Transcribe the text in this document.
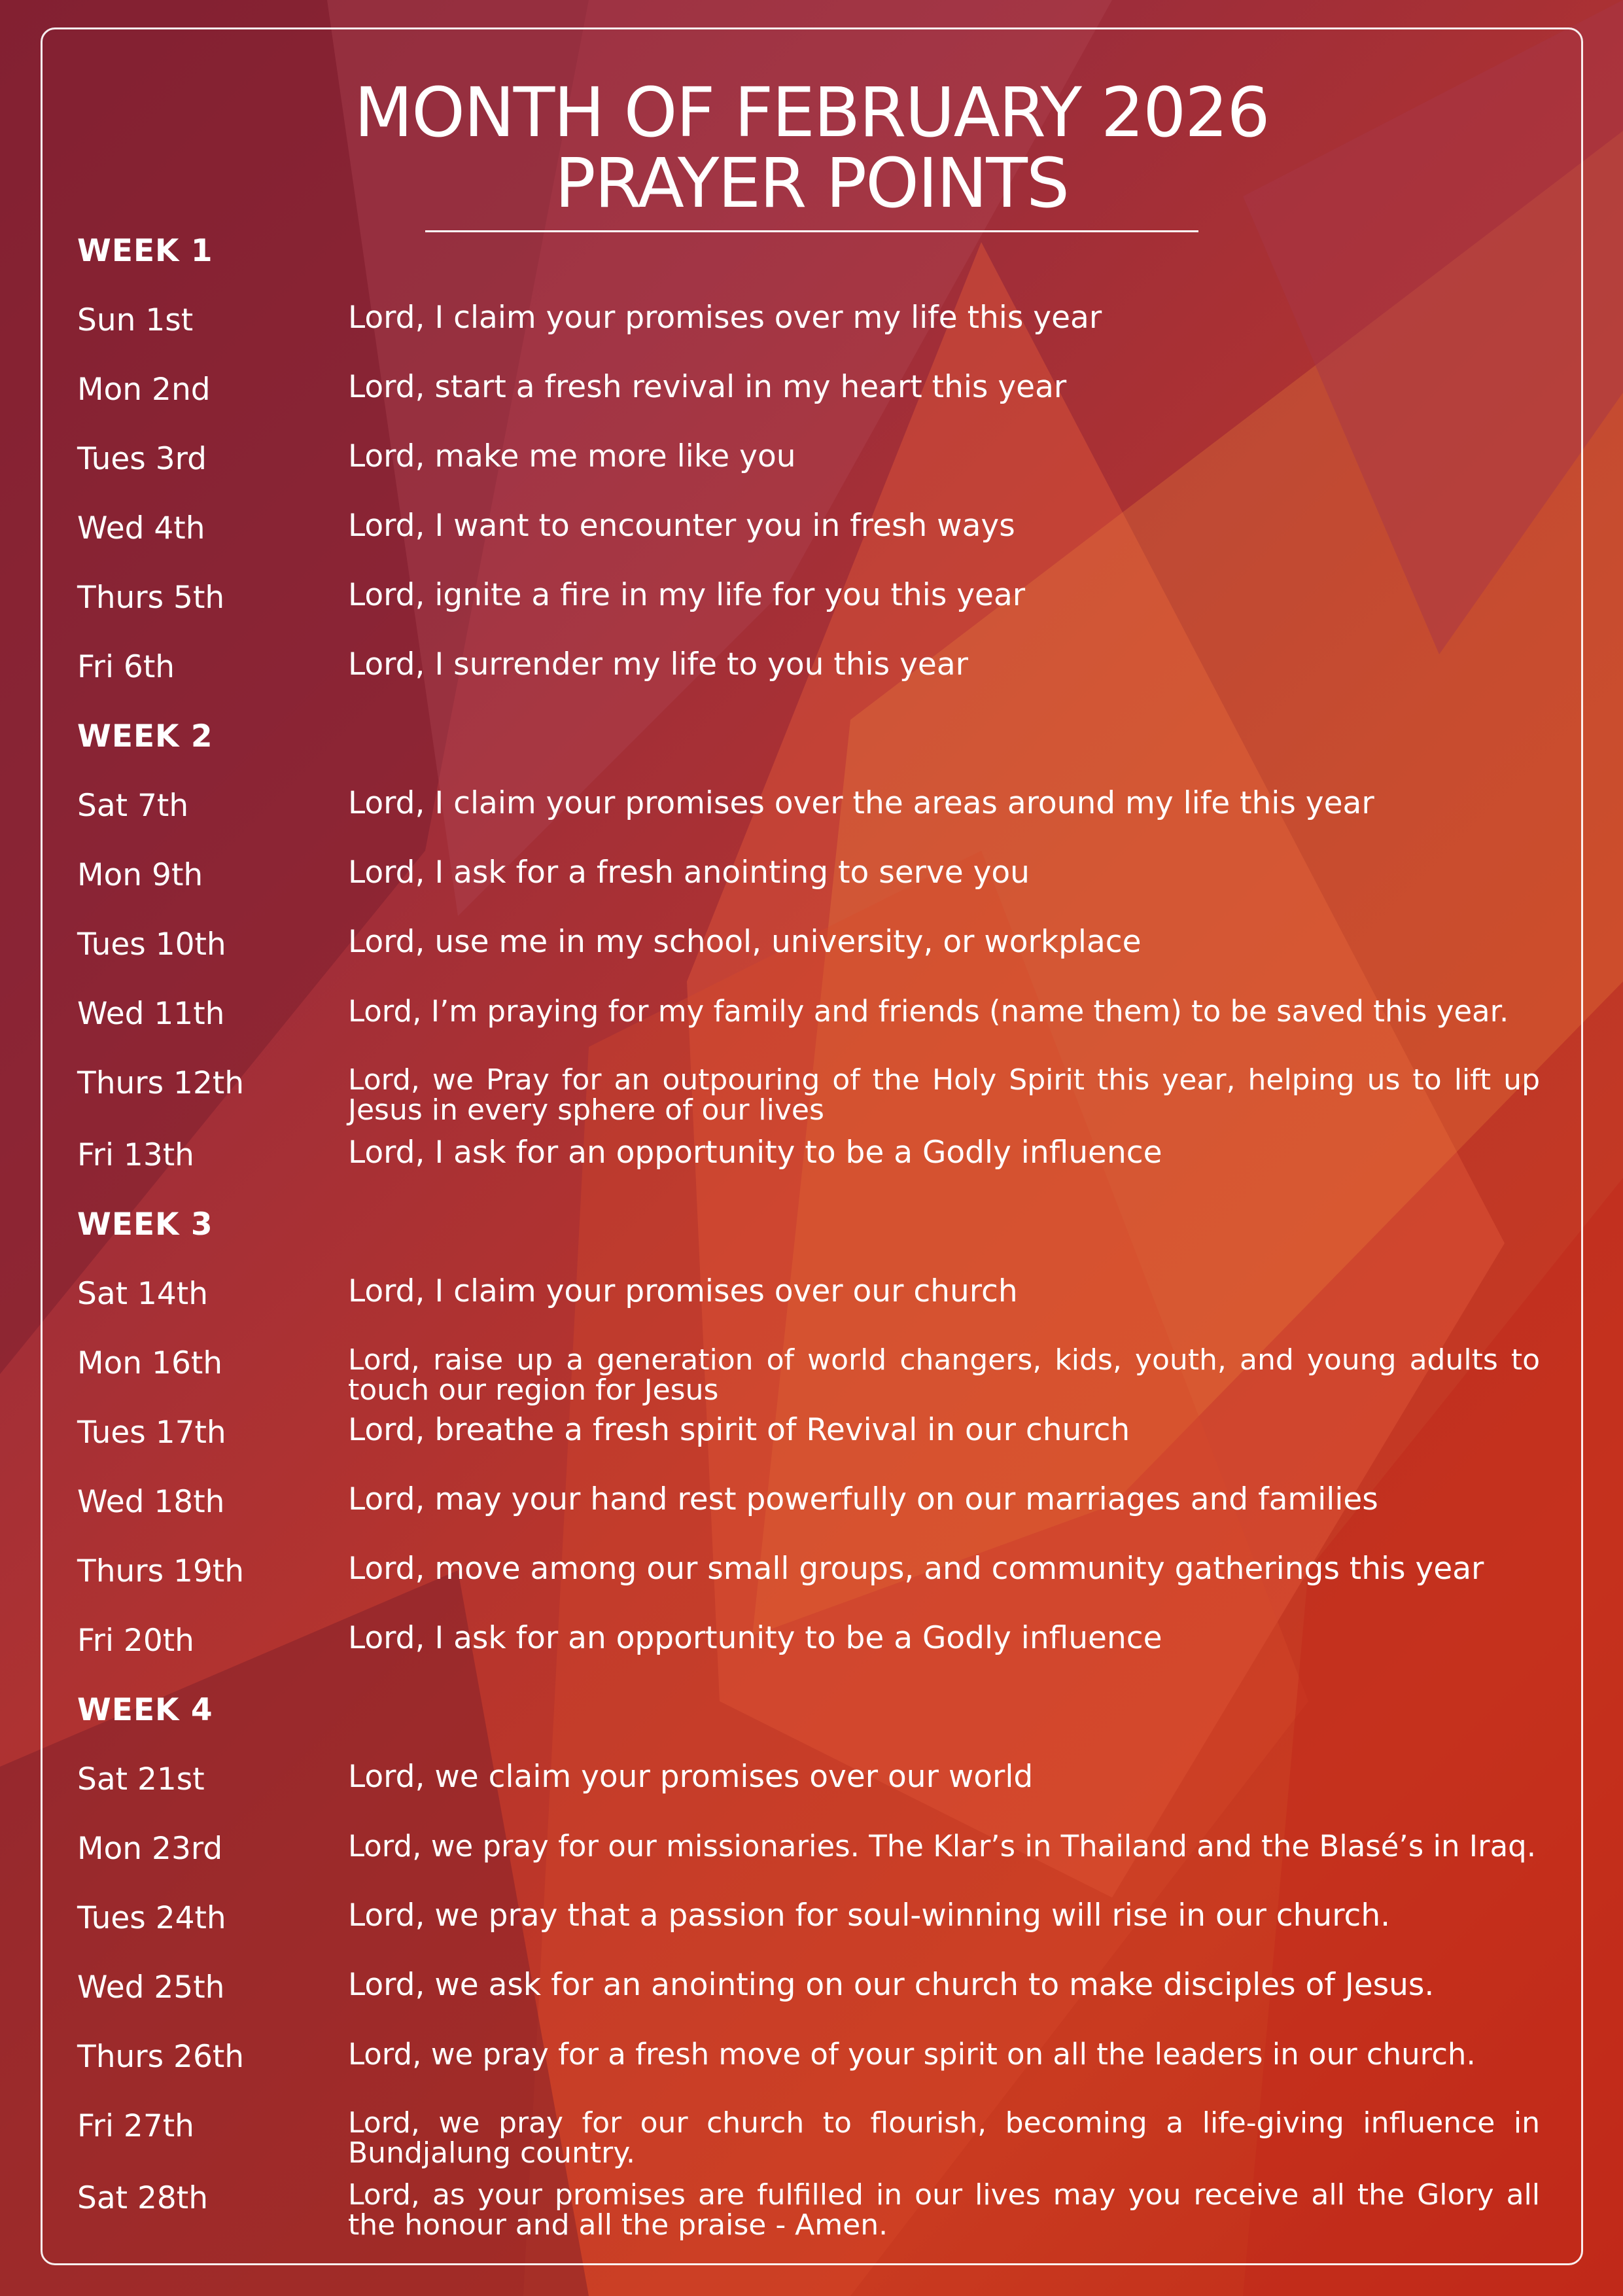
MONTH OF FEBRUARY 2026
PRAYER POINTS
WEEK 1
Sun 1st	Lord, I claim your promises over my life this year
Mon 2nd	Lord, start a fresh revival in my heart this year
Tues 3rd	Lord, make me more like you
Wed 4th	Lord, I want to encounter you in fresh ways
Thurs 5th	Lord, ignite a fire in my life for you this year
Fri 6th	Lord, I surrender my life to you this year
WEEK 2
Sat 7th	Lord, I claim your promises over the areas around my life this year
Mon 9th	Lord, I ask for a fresh anointing to serve you
Tues 10th	Lord, use me in my school, university, or workplace
Wed 11th	Lord, I’m praying for my family and friends (name them) to be saved this year.
Thurs 12th	Lord, we Pray for an outpouring of the Holy Spirit this year, helping us to lift up Jesus in every sphere of our lives
Fri 13th	Lord, I ask for an opportunity to be a Godly influence
WEEK 3
Sat 14th	Lord, I claim your promises over our church
Mon 16th	Lord, raise up a generation of world changers, kids, youth, and young adults to touch our region for Jesus
Tues 17th	Lord, breathe a fresh spirit of Revival in our church
Wed 18th	Lord, may your hand rest powerfully on our marriages and families
Thurs 19th	Lord, move among our small groups, and community gatherings this year
Fri 20th	Lord, I ask for an opportunity to be a Godly influence
WEEK 4
Sat 21st	Lord, we claim your promises over our world
Mon 23rd	Lord, we pray for our missionaries. The Klar’s in Thailand and the Blasé’s in Iraq.
Tues 24th	Lord, we pray that a passion for soul-winning will rise in our church.
Wed 25th	Lord, we ask for an anointing on our church to make disciples of Jesus.
Thurs 26th	Lord, we pray for a fresh move of your spirit on all the leaders in our church.
Fri 27th	Lord, we pray for our church to flourish, becoming a life-giving influence in Bundjalung country.
Sat 28th	Lord, as your promises are fulfilled in our lives may you receive all the Glory all the honour and all the praise - Amen.
